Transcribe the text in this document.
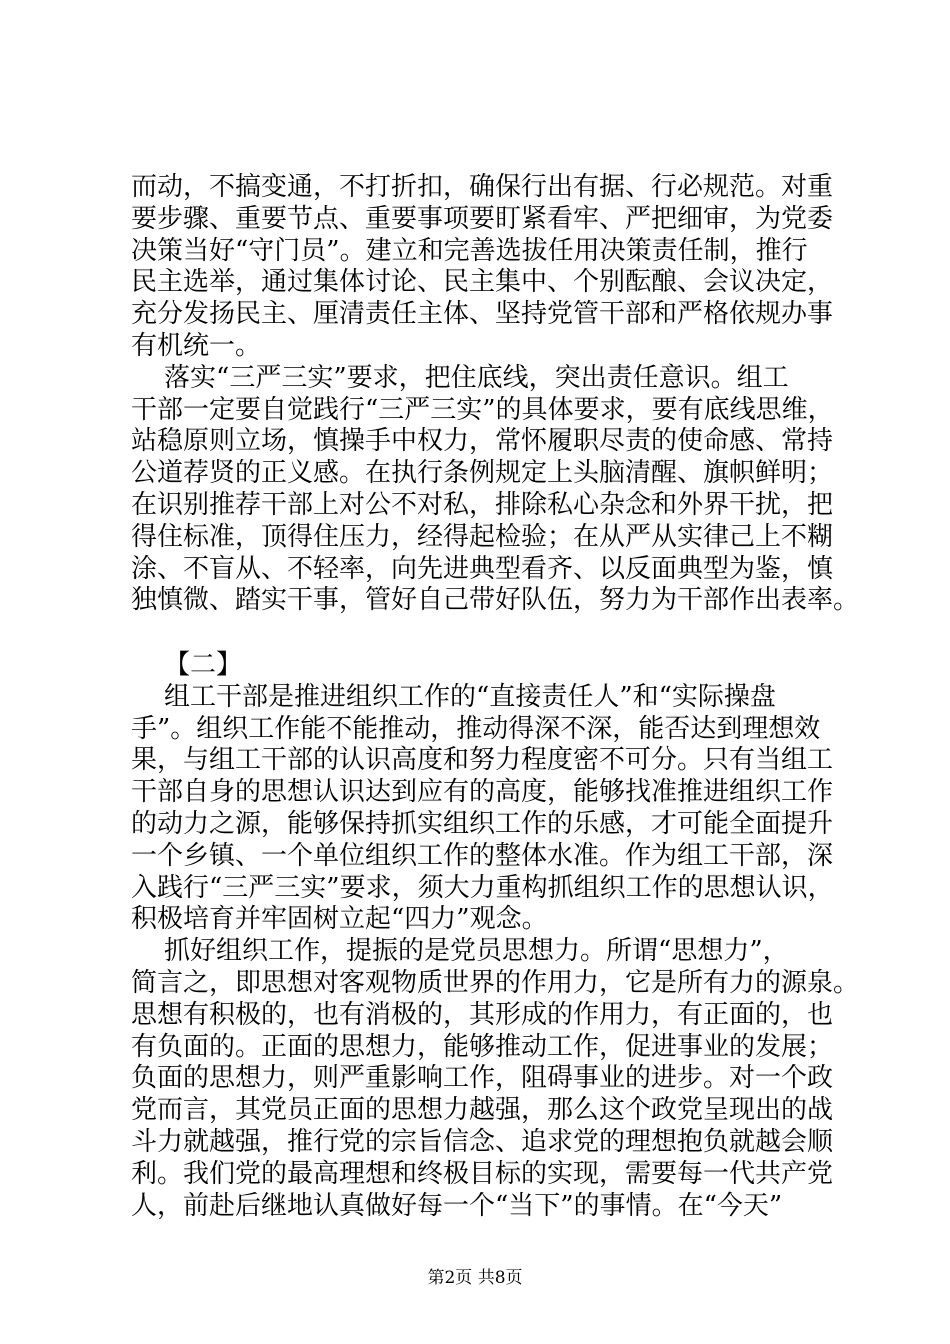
而动，不搞变通，不打折扣，确保行出有据、行必规范。对重
要步骤、重要节点、重要事项要盯紧看牢、严把细审，为党委
决策当好“守门员”。建立和完善选拔任用决策责任制，推行
民主选举，通过集体讨论、民主集中、个别酝酿、会议决定，
充分发扬民主、厘清责任主体、坚持党管干部和严格依规办事
有机统一。
落实“三严三实”要求，把住底线，突出责任意识。组工
干部一定要自觉践行“三严三实”的具体要求，要有底线思维，
站稳原则立场，慎操手中权力，常怀履职尽责的使命感、常持
公道荐贤的正义感。在执行条例规定上头脑清醒、旗帜鲜明；
在识别推荐干部上对公不对私，排除私心杂念和外界干扰，把
得住标准，顶得住压力，经得起检验；在从严从实律己上不糊
涂、不盲从、不轻率，向先进典型看齐、以反面典型为鉴，慎
独慎微、踏实干事，管好自己带好队伍，努力为干部作出表率。
【二】
组工干部是推进组织工作的“直接责任人”和“实际操盘
手”。组织工作能不能推动，推动得深不深，能否达到理想效
果，与组工干部的认识高度和努力程度密不可分。只有当组工
干部自身的思想认识达到应有的高度，能够找准推进组织工作
的动力之源，能够保持抓实组织工作的乐感，才可能全面提升
一个乡镇、一个单位组织工作的整体水准。作为组工干部，深
入践行“三严三实”要求，须大力重构抓组织工作的思想认识，
积极培育并牢固树立起“四力”观念。
抓好组织工作，提振的是党员思想力。所谓“思想力”，
简言之，即思想对客观物质世界的作用力，它是所有力的源泉。
思想有积极的，也有消极的，其形成的作用力，有正面的，也
有负面的。正面的思想力，能够推动工作，促进事业的发展；
负面的思想力，则严重影响工作，阻碍事业的进步。对一个政
党而言，其党员正面的思想力越强，那么这个政党呈现出的战
斗力就越强，推行党的宗旨信念、追求党的理想抱负就越会顺
利。我们党的最高理想和终极目标的实现，需要每一代共产党
人，前赴后继地认真做好每一个“当下”的事情。在“今天”
第2页 共8页
